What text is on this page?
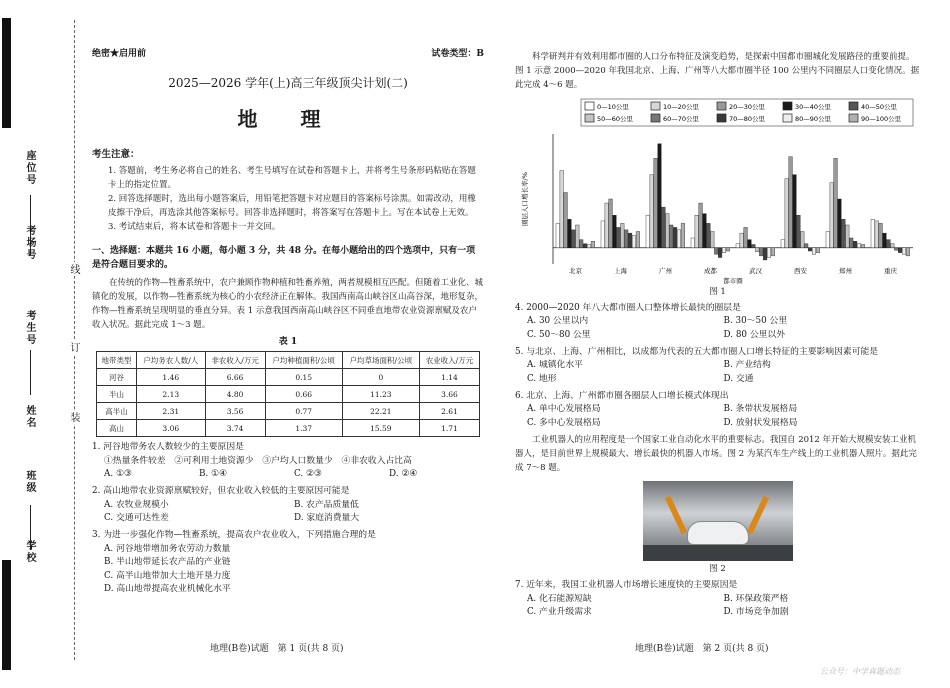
座位号
考场号
考生号
姓名
班级
学校
线
订
装
绝密★启用前	试卷类型：B
2025—2026 学年(上)高三年级顶尖计划(二)
地 理
考生注意：

1. 答题前，考生务必将自己的姓名、考生号填写在试卷和答题卡上，并将考生号条形码粘贴在答题卡上的指定位置。

2. 回答选择题时，选出每小题答案后，用铅笔把答题卡对应题目的答案标号涂黑。如需改动，用橡皮擦干净后，再选涂其他答案标号。回答非选择题时，将答案写在答题卡上。写在本试卷上无效。

3. 考试结束后，将本试卷和答题卡一并交回。

一、选择题：本题共 16 小题，每小题 3 分，共 48 分。在每小题给出的四个选项中，只有一项是符合题目要求的。
在传统的作物—牲畜系统中，农户兼顾作物种植和牲畜养殖，两者规模相互匹配。但随着工业化、城镇化的发展，以作物—牲畜系统为核心的小农经济正在解体。我国西南高山峡谷区山高谷深，地形复杂，作物—牲畜系统呈现明显的垂直分异。表 1 示意我国西南高山峡谷区不同垂直地带农业资源禀赋及农户收入状况。据此完成 1～3 题。
表 1
地带类型	户均务农人数/人	非农收入/万元	户均种植面积/公顷	户均草场面积/公顷	农业收入/万元
河谷	1.46	6.66	0.15	0	1.14
半山	2.13	4.80	0.66	11.23	3.66
高半山	2.31	3.56	0.77	22.21	2.61
高山	3.06	3.74	1.37	15.59	1.71
1. 河谷地带务农人数较少的主要原因是
①热量条件较差　②可利用土地资源少　③户均人口数量少　④非农收入占比高
A. ①③	B. ①④	C. ②③	D. ②④
2. 高山地带农业资源禀赋较好，但农业收入较低的主要原因可能是
A. 农牧业规模小	B. 农产品质量低
C. 交通可达性差	D. 家庭消费量大
3. 为进一步强化作物—牲畜系统，提高农户农业收入，下列措施合理的是
A. 河谷地带增加务农劳动力数量
B. 半山地带延长农产品的产业链
C. 高半山地带加大土地开垦力度
D. 高山地带提高农业机械化水平
地理(B卷)试题　第 1 页(共 8 页)
科学研判并有效利用都市圈的人口分布特征及演变趋势，是探索中国都市圈城化发展路径的重要前提。图 1 示意 2000—2020 年我国北京、上海、广州等八大都市圈半径 100 公里内不同圈层人口变化情况。据此完成 4～6 题。
0—10公里	10—20公里	20—30公里	30—40公里	40—50公里
50—60公里	60—70公里	70—80公里	80—90公里	90—100公里
圈层人口增长率/%
北京	上海	广州	成都	武汉	西安	郑州	重庆
都市圈
图 1
4. 2000—2020 年八大都市圈人口整体增长最快的圈层是
A. 30 公里以内	B. 30～50 公里
C. 50～80 公里	D. 80 公里以外
5. 与北京、上海、广州相比，以成都为代表的五大都市圈人口增长特征的主要影响因素可能是
A. 城镇化水平	B. 产业结构
C. 地形	D. 交通
6. 北京、上海、广州都市圈各圈层人口增长模式体现出
A. 单中心发展格局	B. 条带状发展格局
C. 多中心发展格局	D. 放射状发展格局
工业机器人的应用程度是一个国家工业自动化水平的重要标志。我国自 2012 年开始大规模安装工业机器人，是目前世界上规模最大、增长最快的机器人市场。图 2 为某汽车生产线上的工业机器人照片。据此完成 7～8 题。
图 2
7. 近年来，我国工业机器人市场增长速度快的主要原因是
A. 化石能源短缺	B. 环保政策严格
C. 产业升级需求	D. 市场竞争加剧
地理(B卷)试题　第 2 页(共 8 页)
公众号：中学真题动态
